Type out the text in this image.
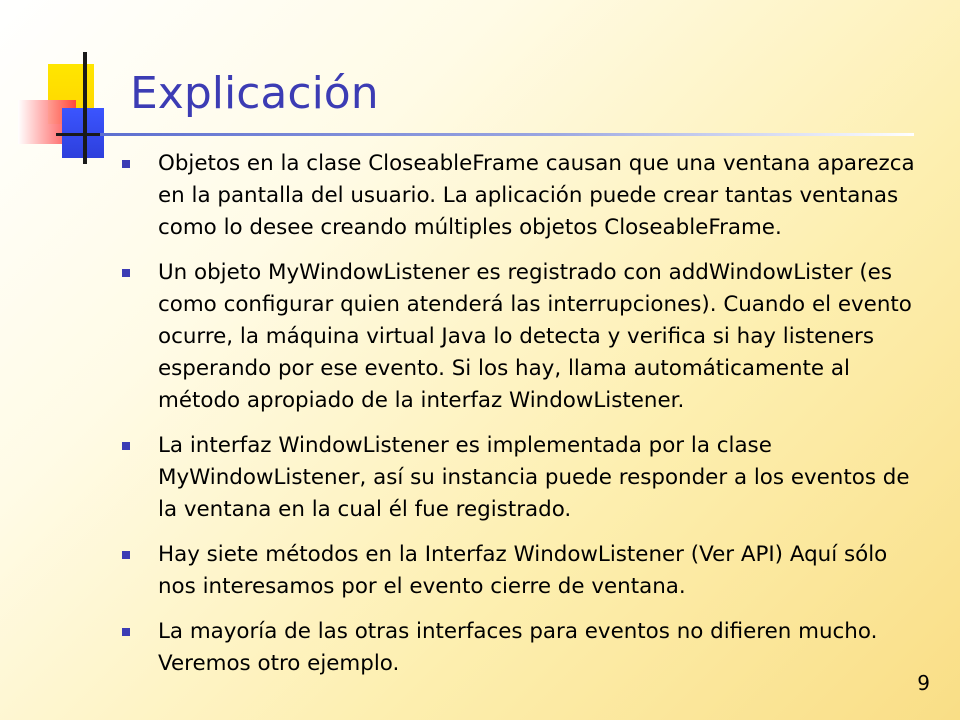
Explicación
Objetos en la clase CloseableFrame causan que una ventana aparezca en la pantalla del usuario. La aplicación puede crear tantas ventanas como lo desee creando múltiples objetos CloseableFrame.
Un objeto MyWindowListener es registrado con addWindowLister (es como configurar quien atenderá las interrupciones). Cuando el evento ocurre, la máquina virtual Java lo detecta y verifica si hay listeners esperando por ese evento. Si los hay, llama automáticamente al método apropiado de la interfaz WindowListener.
La interfaz WindowListener es implementada por la clase MyWindowListener, así su instancia puede responder a los eventos de la ventana en la cual él fue registrado.
Hay siete métodos en la Interfaz WindowListener (Ver API) Aquí sólo nos interesamos por el evento cierre de ventana.
La mayoría de las otras interfaces para eventos no difieren mucho. Veremos otro ejemplo.
9
